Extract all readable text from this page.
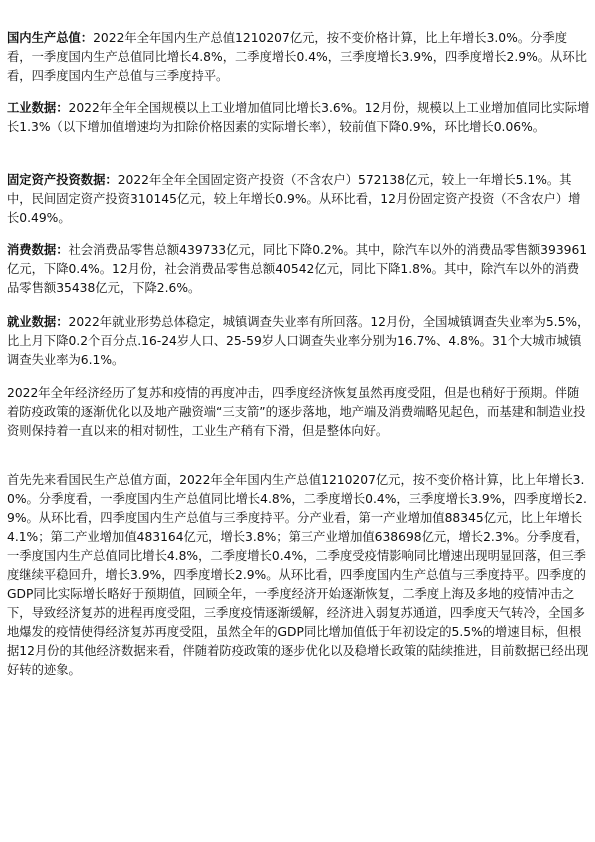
国内生产总值：2022年全年国内生产总值1210207亿元，按不变价格计算，比上年增长3.0%。分季度看，一季度国内生产总值同比增长4.8%，二季度增长0.4%，三季度增长3.9%，四季度增长2.9%。从环比看，四季度国内生产总值与三季度持平。

工业数据：2022年全年全国规模以上工业增加值同比增长3.6%。12月份，规模以上工业增加值同比实际增长1.3%（以下增加值增速均为扣除价格因素的实际增长率），较前值下降0.9%，环比增长0.06%。

固定资产投资数据：2022年全年全国固定资产投资（不含农户）572138亿元，较上一年增长5.1%。其中，民间固定资产投资310145亿元，较上年增长0.9%。从环比看，12月份固定资产投资（不含农户）增长0.49%。

消费数据：社会消费品零售总额439733亿元，同比下降0.2%。其中，除汽车以外的消费品零售额393961亿元，下降0.4%。12月份，社会消费品零售总额40542亿元，同比下降1.8%。其中，除汽车以外的消费品零售额35438亿元，下降2.6%。

就业数据：2022年就业形势总体稳定，城镇调查失业率有所回落。12月份，全国城镇调查失业率为5.5%，比上月下降0.2个百分点.16-24岁人口、25-59岁人口调查失业率分别为16.7%、4.8%。31个大城市城镇调查失业率为6.1%。

2022年全年经济经历了复苏和疫情的再度冲击，四季度经济恢复虽然再度受阻，但是也稍好于预期。伴随着防疫政策的逐渐优化以及地产融资端“三支箭”的逐步落地，地产端及消费端略见起色，而基建和制造业投资则保持着一直以来的相对韧性，工业生产稍有下滑，但是整体向好。

首先先来看国民生产总值方面，2022年全年国内生产总值1210207亿元，按不变价格计算，比上年增长3.0%。分季度看，一季度国内生产总值同比增长4.8%，二季度增长0.4%，三季度增长3.9%，四季度增长2.9%。从环比看，四季度国内生产总值与三季度持平。分产业看，第一产业增加值88345亿元，比上年增长4.1%；第二产业增加值483164亿元，增长3.8%；第三产业增加值638698亿元，增长2.3%。分季度看，一季度国内生产总值同比增长4.8%，二季度增长0.4%，二季度受疫情影响同比增速出现明显回落，但三季度继续平稳回升，增长3.9%，四季度增长2.9%。从环比看，四季度国内生产总值与三季度持平。四季度的GDP同比实际增长略好于预期值，回顾全年，一季度经济开始逐渐恢复，二季度上海及多地的疫情冲击之下，导致经济复苏的进程再度受阻，三季度疫情逐渐缓解，经济进入弱复苏通道，四季度天气转冷，全国多地爆发的疫情使得经济复苏再度受阻，虽然全年的GDP同比增加值低于年初设定的5.5%的增速目标，但根据12月份的其他经济数据来看，伴随着防疫政策的逐步优化以及稳增长政策的陆续推进，目前数据已经出现好转的迹象。
